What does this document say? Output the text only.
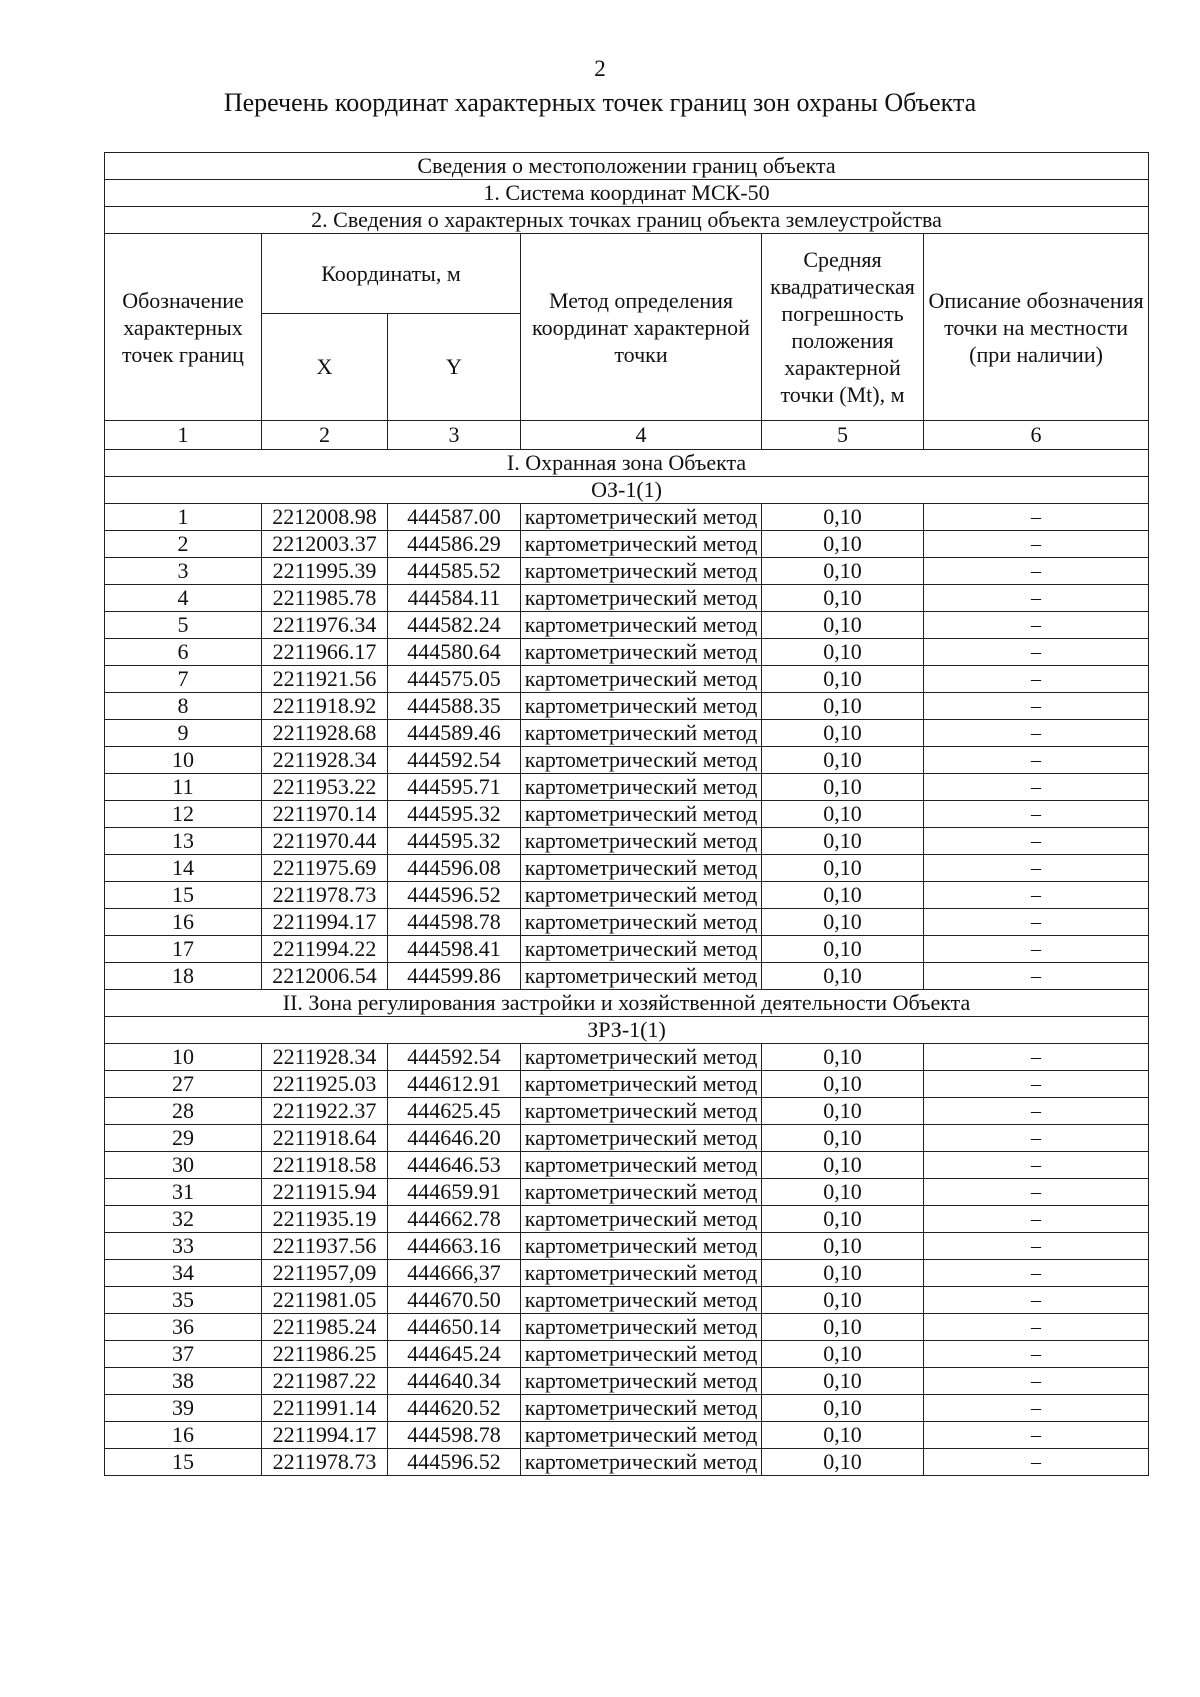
2
Перечень координат характерных точек границ зон охраны Объекта
Сведения о местоположении границ объекта					
1. Система координат МСК-50					
2. Сведения о характерных точках границ объекта землеустройства					
Обозначение характерных точек границ	Координаты, м		Метод определения координат характерной точки	Средняя квадратическая погрешность положения характерной точки (Mt), м	Описание обозначения точки на местности (при наличии)
	X	Y			
1	2	3	4	5	6
I. Охранная зона Объекта					
ОЗ-1(1)					
1	2212008.98	444587.00	картометрический метод	0,10	–
2	2212003.37	444586.29	картометрический метод	0,10	–
3	2211995.39	444585.52	картометрический метод	0,10	–
4	2211985.78	444584.11	картометрический метод	0,10	–
5	2211976.34	444582.24	картометрический метод	0,10	–
6	2211966.17	444580.64	картометрический метод	0,10	–
7	2211921.56	444575.05	картометрический метод	0,10	–
8	2211918.92	444588.35	картометрический метод	0,10	–
9	2211928.68	444589.46	картометрический метод	0,10	–
10	2211928.34	444592.54	картометрический метод	0,10	–
11	2211953.22	444595.71	картометрический метод	0,10	–
12	2211970.14	444595.32	картометрический метод	0,10	–
13	2211970.44	444595.32	картометрический метод	0,10	–
14	2211975.69	444596.08	картометрический метод	0,10	–
15	2211978.73	444596.52	картометрический метод	0,10	–
16	2211994.17	444598.78	картометрический метод	0,10	–
17	2211994.22	444598.41	картометрический метод	0,10	–
18	2212006.54	444599.86	картометрический метод	0,10	–
II. Зона регулирования застройки и хозяйственной деятельности Объекта					
ЗРЗ-1(1)					
10	2211928.34	444592.54	картометрический метод	0,10	–
27	2211925.03	444612.91	картометрический метод	0,10	–
28	2211922.37	444625.45	картометрический метод	0,10	–
29	2211918.64	444646.20	картометрический метод	0,10	–
30	2211918.58	444646.53	картометрический метод	0,10	–
31	2211915.94	444659.91	картометрический метод	0,10	–
32	2211935.19	444662.78	картометрический метод	0,10	–
33	2211937.56	444663.16	картометрический метод	0,10	–
34	2211957,09	444666,37	картометрический метод	0,10	–
35	2211981.05	444670.50	картометрический метод	0,10	–
36	2211985.24	444650.14	картометрический метод	0,10	–
37	2211986.25	444645.24	картометрический метод	0,10	–
38	2211987.22	444640.34	картометрический метод	0,10	–
39	2211991.14	444620.52	картометрический метод	0,10	–
16	2211994.17	444598.78	картометрический метод	0,10	–
15	2211978.73	444596.52	картометрический метод	0,10	–
